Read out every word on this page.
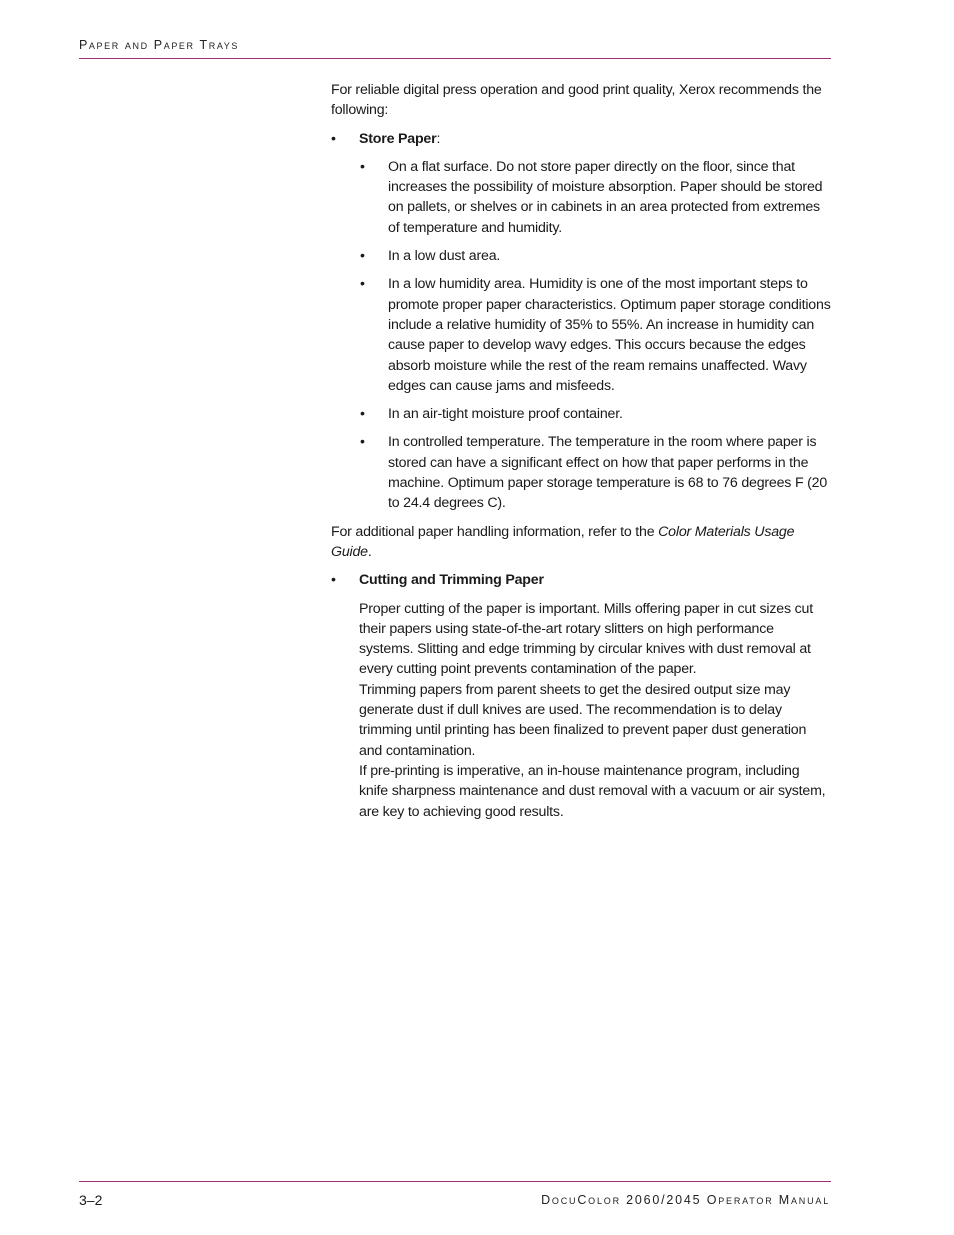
Paper and Paper Trays

For reliable digital press operation and good print quality, Xerox recommends the following:

• Store Paper:
• On a flat surface. Do not store paper directly on the floor, since that increases the possibility of moisture absorption. Paper should be stored on pallets, or shelves or in cabinets in an area protected from extremes of temperature and humidity.
• In a low dust area.
• In a low humidity area. Humidity is one of the most important steps to promote proper paper characteristics. Optimum paper storage conditions include a relative humidity of 35% to 55%. An increase in humidity can cause paper to develop wavy edges. This occurs because the edges absorb moisture while the rest of the ream remains unaffected. Wavy edges can cause jams and misfeeds.
• In an air-tight moisture proof container.
• In controlled temperature. The temperature in the room where paper is stored can have a significant effect on how that paper performs in the machine. Optimum paper storage temperature is 68 to 76 degrees F (20 to 24.4 degrees C).

For additional paper handling information, refer to the Color Materials Usage Guide.

• Cutting and Trimming Paper

Proper cutting of the paper is important. Mills offering paper in cut sizes cut their papers using state-of-the-art rotary slitters on high performance systems. Slitting and edge trimming by circular knives with dust removal at every cutting point prevents contamination of the paper.

Trimming papers from parent sheets to get the desired output size may generate dust if dull knives are used. The recommendation is to delay trimming until printing has been finalized to prevent paper dust generation and contamination.

If pre-printing is imperative, an in-house maintenance program, including knife sharpness maintenance and dust removal with a vacuum or air system, are key to achieving good results.

3–2	DocuColor 2060/2045 Operator Manual
